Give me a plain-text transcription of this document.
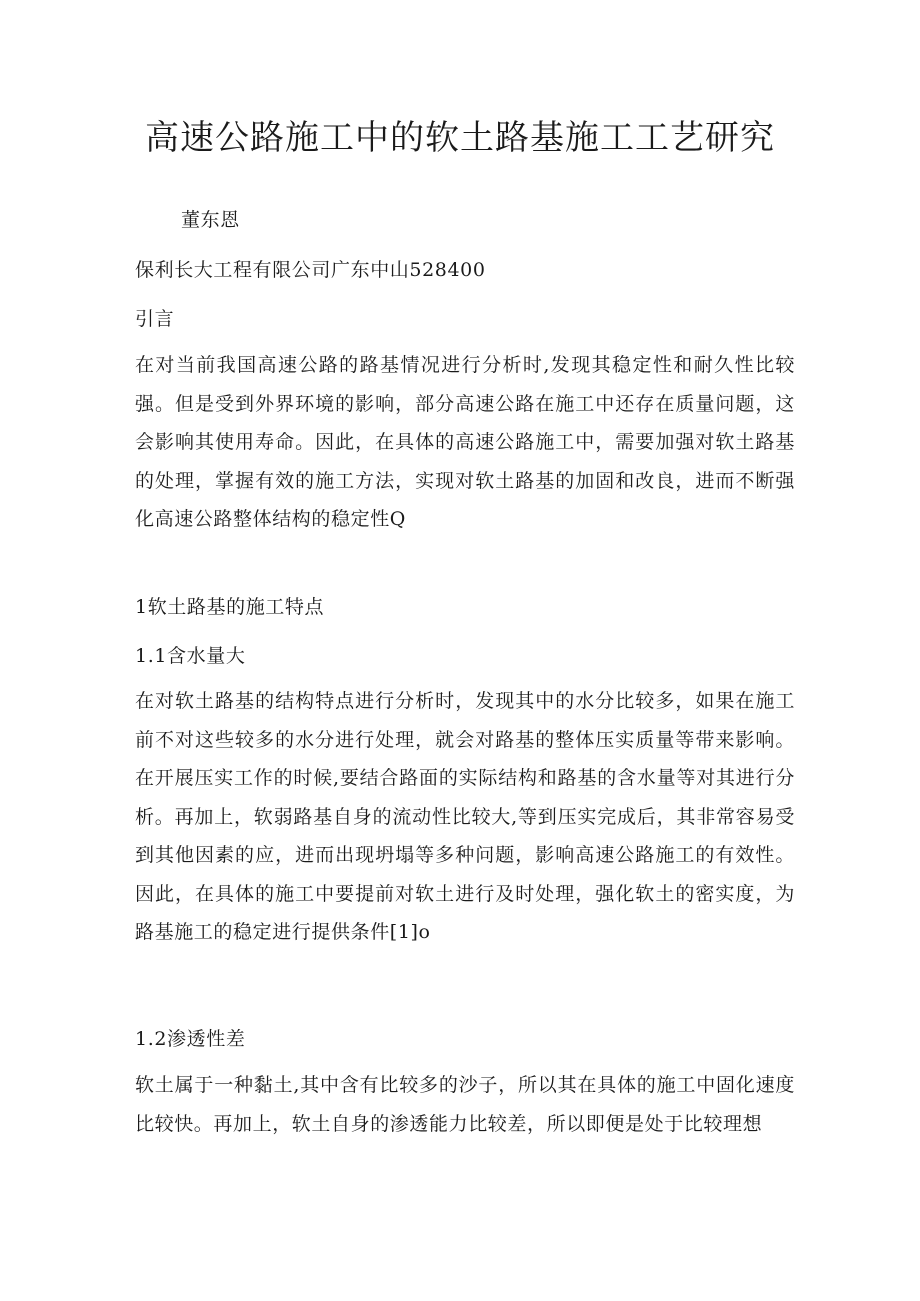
高速公路施工中的软土路基施工工艺研究
董东恩
保利长大工程有限公司广东中山528400
引言
在对当前我国高速公路的路基情况进行分析时,发现其稳定性和耐久性比较强。但是受到外界环境的影响，部分高速公路在施工中还存在质量问题，这会影响其使用寿命。因此，在具体的高速公路施工中，需要加强对软土路基的处理，掌握有效的施工方法，实现对软土路基的加固和改良，进而不断强化高速公路整体结构的稳定性Q
1软土路基的施工特点
1.1含水量大
在对软土路基的结构特点进行分析时，发现其中的水分比较多，如果在施工前不对这些较多的水分进行处理，就会对路基的整体压实质量等带来影响。在开展压实工作的时候,要结合路面的实际结构和路基的含水量等对其进行分析。再加上，软弱路基自身的流动性比较大,等到压实完成后，其非常容易受到其他因素的应，进而出现坍塌等多种问题，影响高速公路施工的有效性。因此，在具体的施工中要提前对软土进行及时处理，强化软土的密实度，为路基施工的稳定进行提供条件[1]o
1.2渗透性差
软土属于一种黏土,其中含有比较多的沙子，所以其在具体的施工中固化速度比较快。再加上，软土自身的渗透能力比较差，所以即便是处于比较理想
